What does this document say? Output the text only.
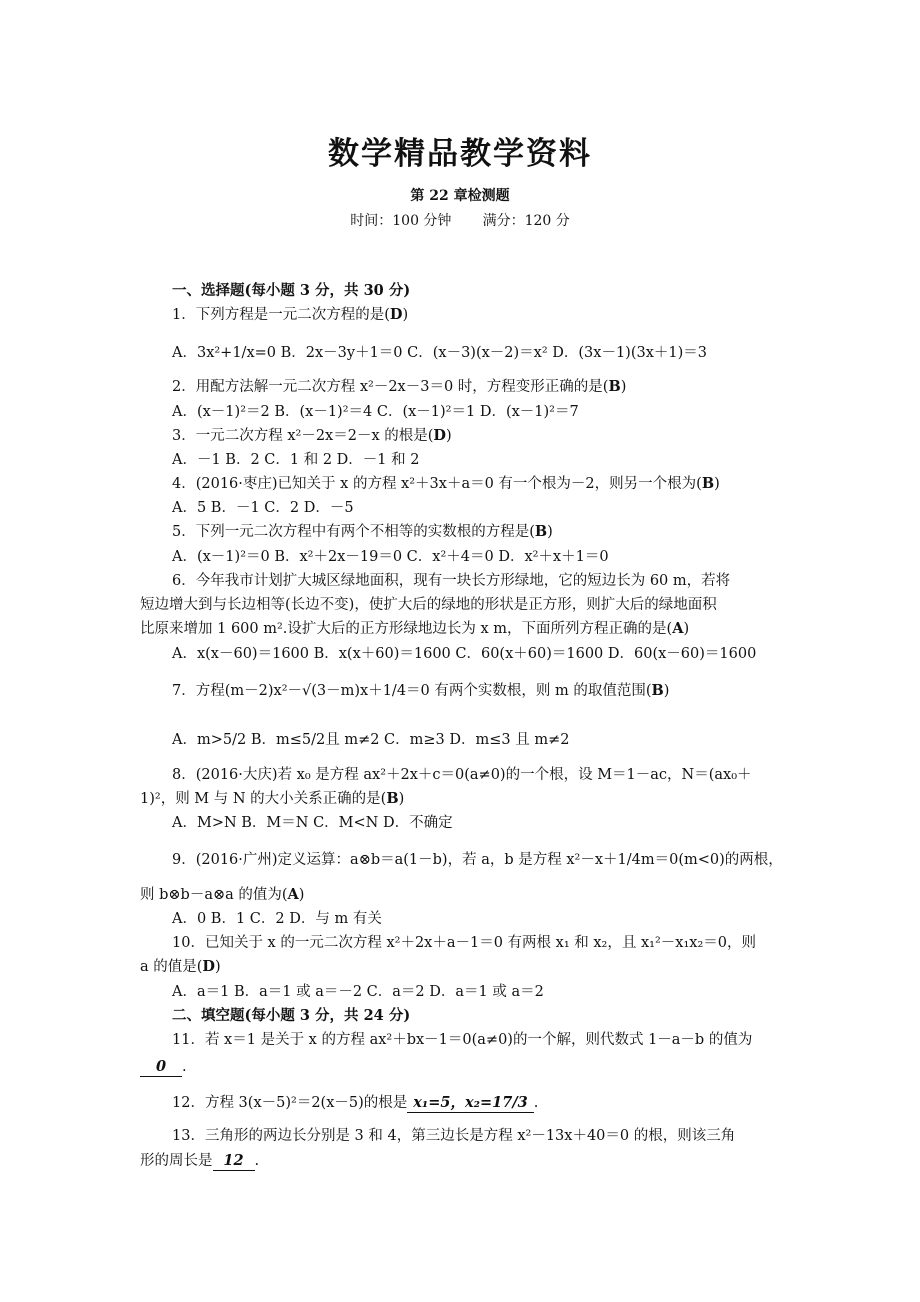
数学精品教学资料
第 22 章检测题
时间：100 分钟       满分：120 分
一、选择题(每小题 3 分，共 30 分)
1．下列方程是一元二次方程的是(D)
A．3x²+1/x=0 B．2x－3y＋1＝0 C．(x－3)(x－2)＝x² D．(3x－1)(3x＋1)＝3
2．用配方法解一元二次方程 x²－2x－3＝0 时，方程变形正确的是(B)
A．(x－1)²＝2 B．(x－1)²＝4 C．(x－1)²＝1 D．(x－1)²＝7
3．一元二次方程 x²－2x＝2－x 的根是(D)
A．－1 B．2 C．1 和 2 D．－1 和 2
4．(2016·枣庄)已知关于 x 的方程 x²＋3x＋a＝0 有一个根为－2，则另一个根为(B)
A．5 B．－1 C．2 D．－5
5．下列一元二次方程中有两个不相等的实数根的方程是(B)
A．(x－1)²＝0 B．x²＋2x－19＝0 C．x²＋4＝0 D．x²＋x＋1＝0
6．今年我市计划扩大城区绿地面积，现有一块长方形绿地，它的短边长为 60 m，若将
短边增大到与长边相等(长边不变)，使扩大后的绿地的形状是正方形，则扩大后的绿地面积
比原来增加 1 600 m².设扩大后的正方形绿地边长为 x m，下面所列方程正确的是(A)
A．x(x－60)＝1600 B．x(x＋60)＝1600 C．60(x＋60)＝1600 D．60(x－60)＝1600
7．方程(m－2)x²－√(3－m)x＋1/4＝0 有两个实数根，则 m 的取值范围(B)
A．m>5/2 B．m≤5/2且 m≠2 C．m≥3 D．m≤3 且 m≠2
8．(2016·大庆)若 x₀ 是方程 ax²＋2x＋c＝0(a≠0)的一个根，设 M＝1－ac，N＝(ax₀＋
1)²，则 M 与 N 的大小关系正确的是(B)
A．M>N B．M＝N C．M<N D．不确定
9．(2016·广州)定义运算：a⊗b＝a(1－b)，若 a，b 是方程 x²－x＋1/4m＝0(m<0)的两根，
则 b⊗b－a⊗a 的值为(A)
A．0 B．1 C．2 D．与 m 有关
10．已知关于 x 的一元二次方程 x²＋2x＋a－1＝0 有两根 x₁ 和 x₂，且 x₁²－x₁x₂＝0，则
a 的值是(D)
A．a＝1 B．a＝1 或 a＝－2 C．a＝2 D．a＝1 或 a＝2
二、填空题(每小题 3 分，共 24 分)
11．若 x＝1 是关于 x 的方程 ax²＋bx－1＝0(a≠0)的一个解，则代数式 1－a－b 的值为
0 .
12．方程 3(x－5)²＝2(x－5)的根是 x₁=5，x₂=17/3 .
13．三角形的两边长分别是 3 和 4，第三边长是方程 x²－13x＋40＝0 的根，则该三角
形的周长是 12 .
